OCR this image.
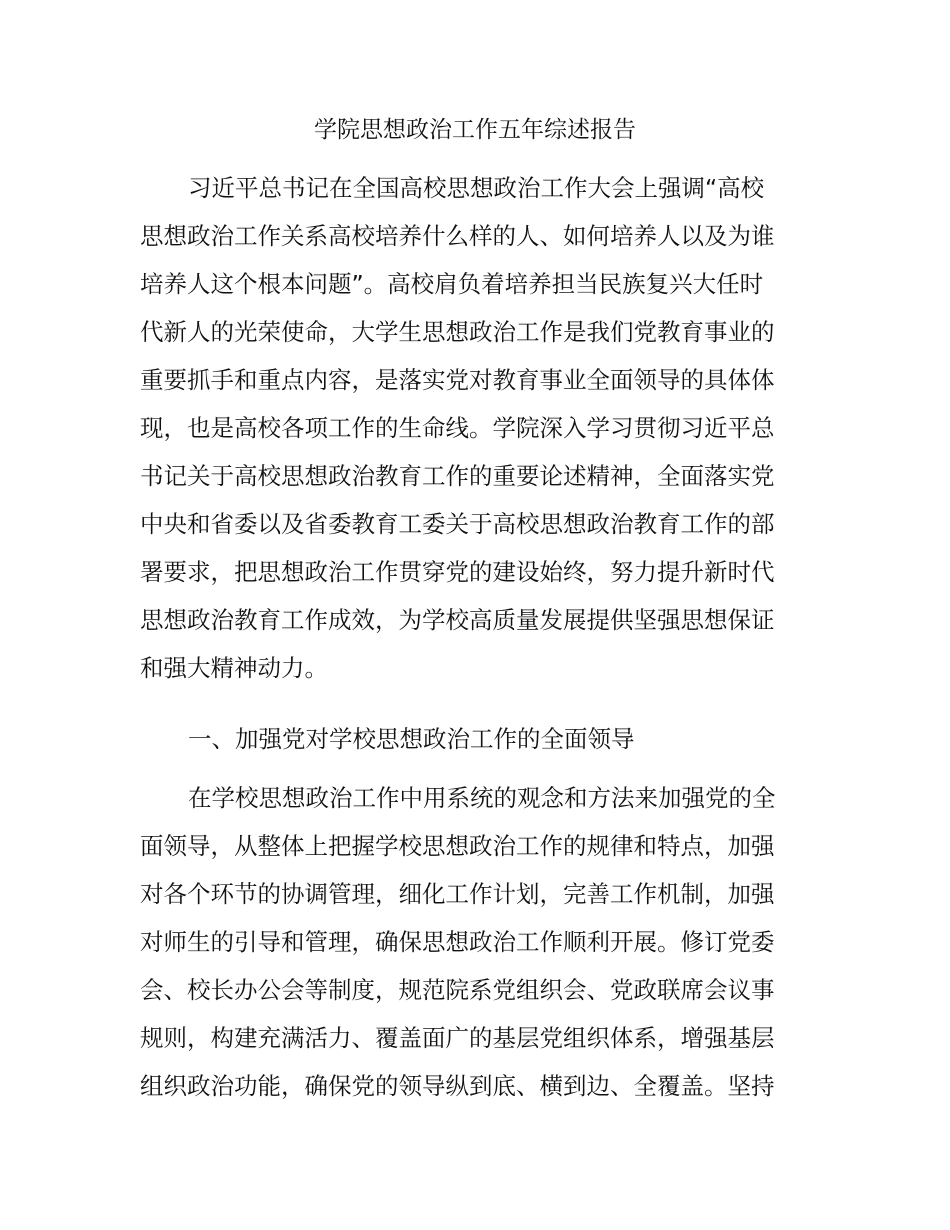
学院思想政治工作五年综述报告
习近平总书记在全国高校思想政治工作大会上强调“高校
思想政治工作关系高校培养什么样的人、如何培养人以及为谁
培养人这个根本问题”。高校肩负着培养担当民族复兴大任时
代新人的光荣使命，大学生思想政治工作是我们党教育事业的
重要抓手和重点内容，是落实党对教育事业全面领导的具体体
现，也是高校各项工作的生命线。学院深入学习贯彻习近平总
书记关于高校思想政治教育工作的重要论述精神，全面落实党
中央和省委以及省委教育工委关于高校思想政治教育工作的部
署要求，把思想政治工作贯穿党的建设始终，努力提升新时代
思想政治教育工作成效，为学校高质量发展提供坚强思想保证
和强大精神动力。
一、加强党对学校思想政治工作的全面领导
在学校思想政治工作中用系统的观念和方法来加强党的全
面领导，从整体上把握学校思想政治工作的规律和特点，加强
对各个环节的协调管理，细化工作计划，完善工作机制，加强
对师生的引导和管理，确保思想政治工作顺利开展。修订党委
会、校长办公会等制度，规范院系党组织会、党政联席会议事
规则，构建充满活力、覆盖面广的基层党组织体系，增强基层
组织政治功能，确保党的领导纵到底、横到边、全覆盖。坚持
